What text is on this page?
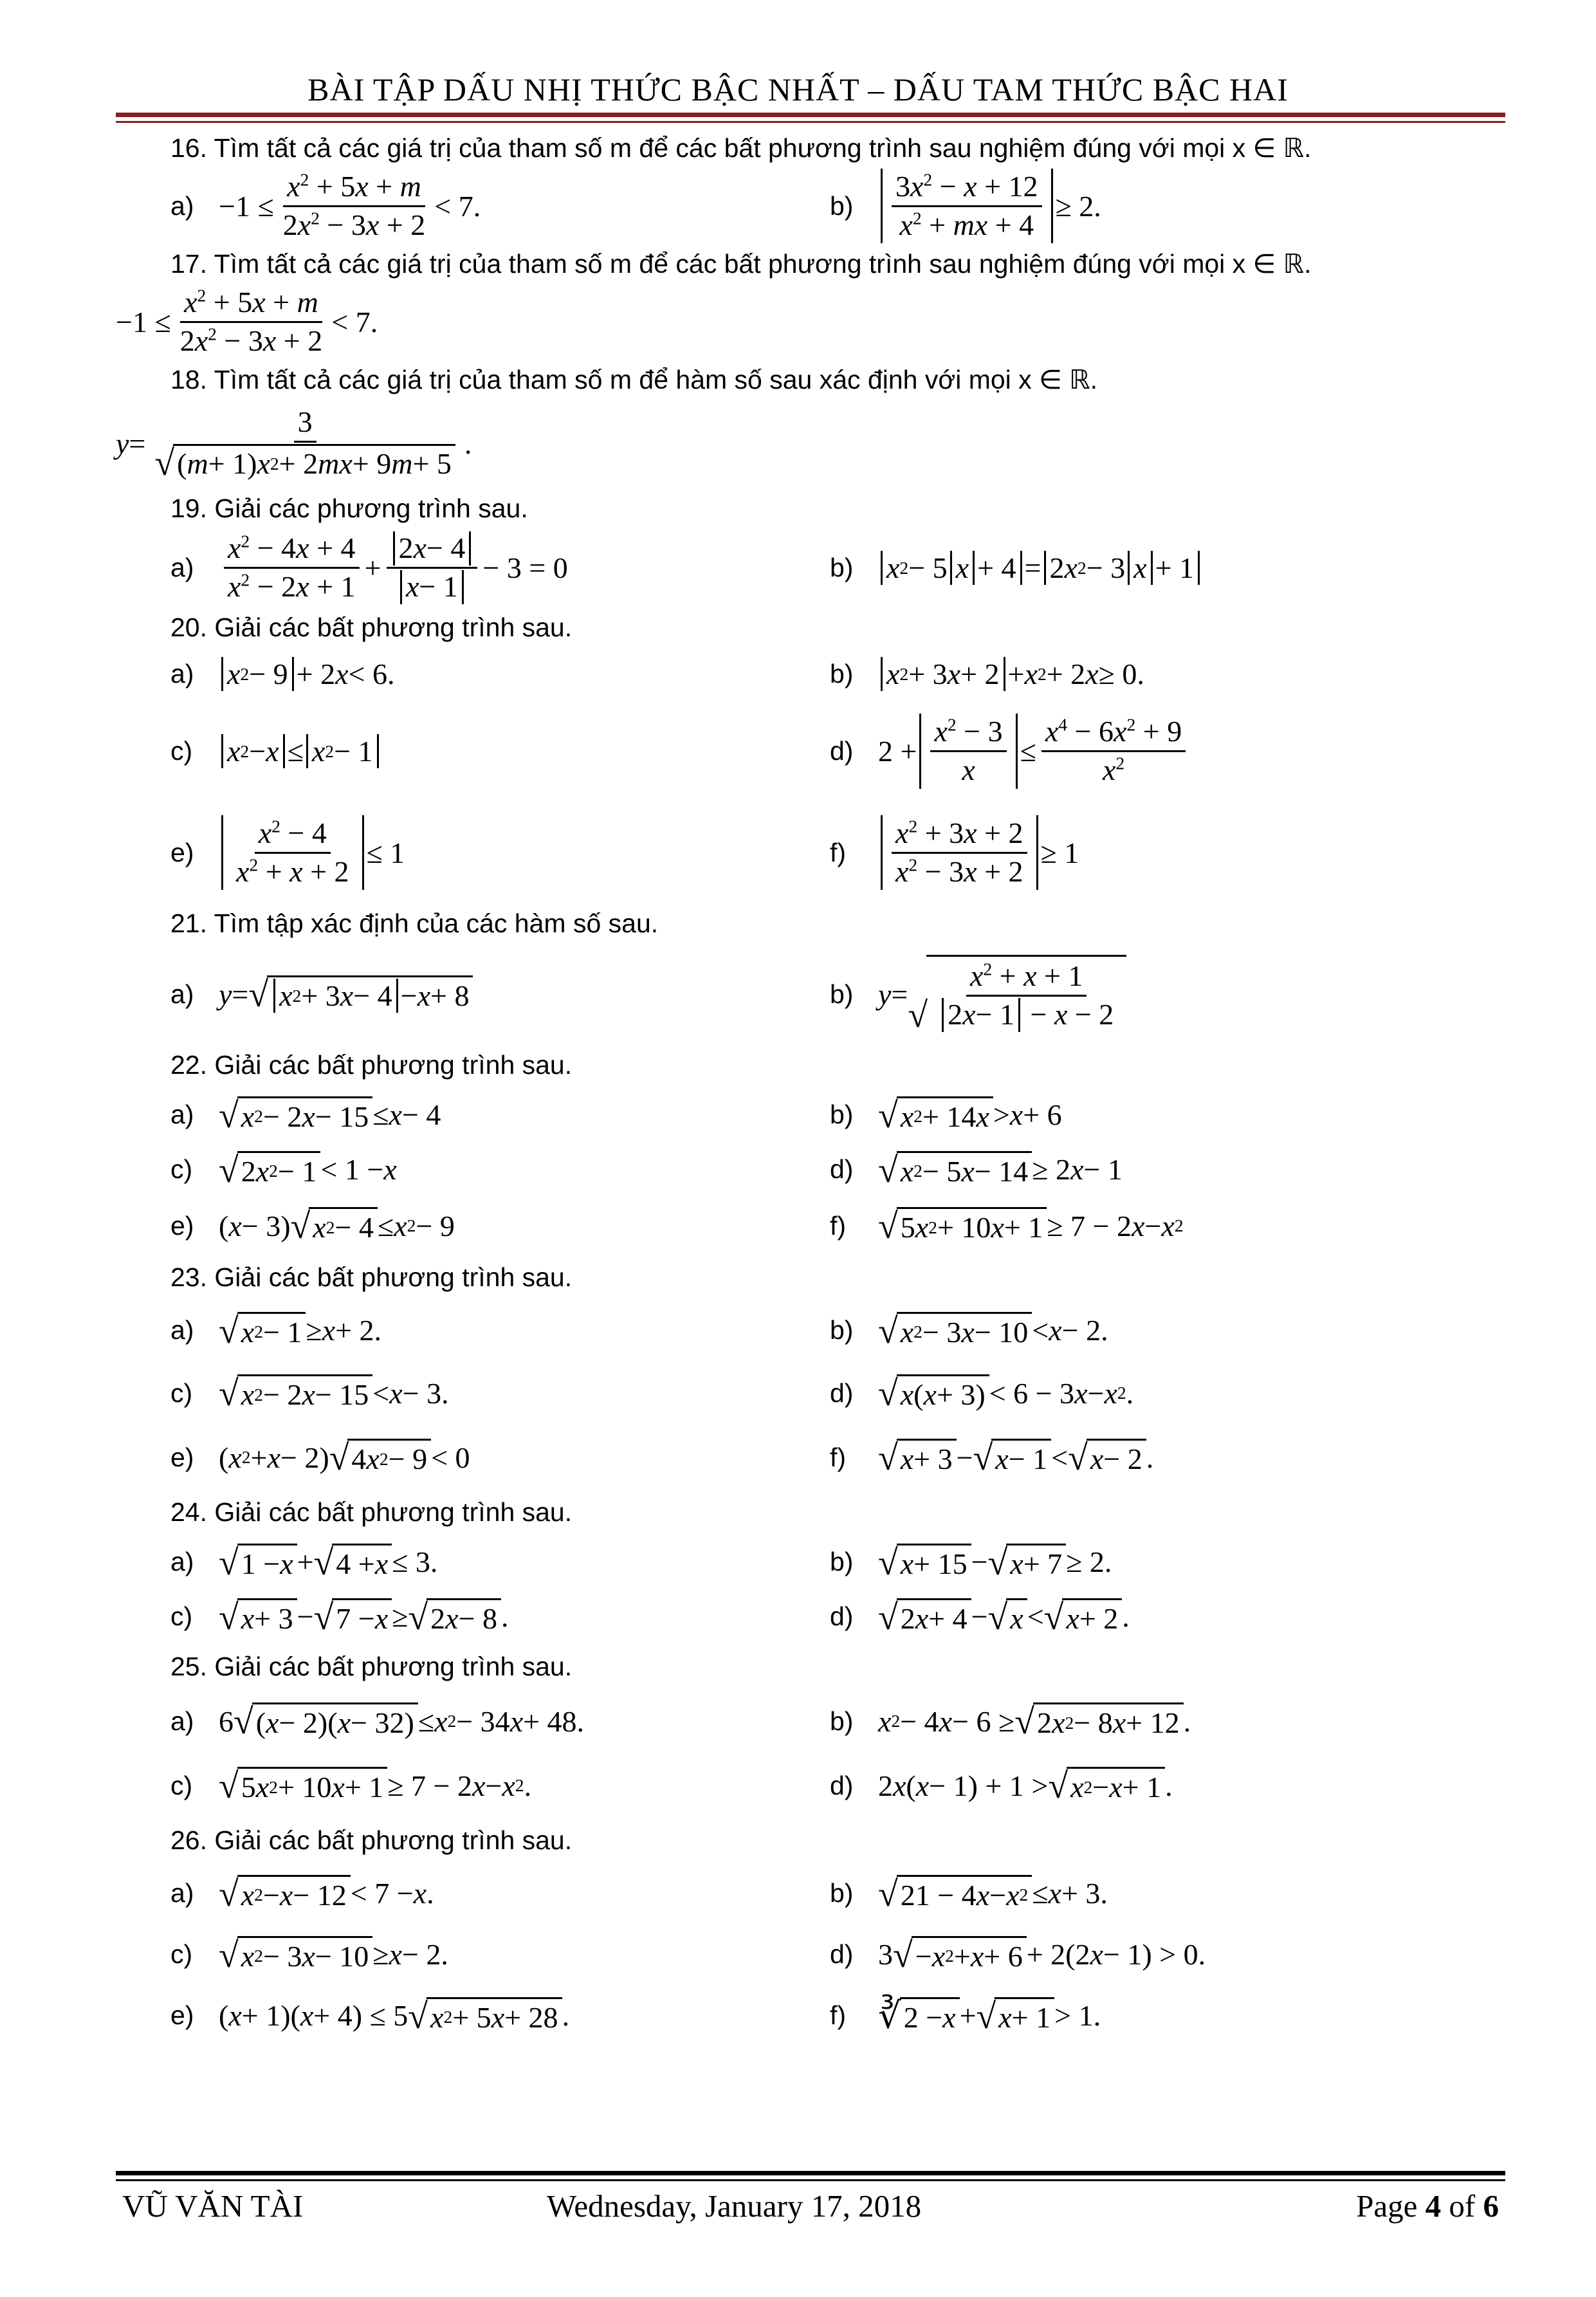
BÀI TẬP DẤU NHỊ THỨC BẬC NHẤT – DẤU TAM THỨC BẬC HAI
16. Tìm tất cả các giá trị của tham số m để các bất phương trình sau nghiệm đúng với mọi x ∈ ℝ.
$a) -1 \le \frac{x^2 + 5x + m}{2x^2 - 3x + 2} < 7$.	b)	$\frac{3x^2 - x + 12}{x^2 + mx + 4} \ge 2$.
17. Tìm tất cả các giá trị của tham số m để các bất phương trình sau nghiệm đúng với mọi x ∈ ℝ.
$-1 \le \frac{x^2 + 5x + m}{2x^2 - 3x + 2} < 7$.
18. Tìm tất cả các giá trị của tham số m để hàm số sau xác định với mọi x ∈ ℝ.
$y = \frac{3}{√ ( m + 1) x 2 + 2 mx + 9 m + 5}$ .
19. Giải các phương trình sau.
a)	$\frac{x^2 - 4x + 4}{x^2 - 2x + 1} + \frac{2 x - 4}{x - 1} - 3 = 0$	b)	x 2 − 5 x + 4 = 2 x 2 − 3 x + 1
20. Giải các bất phương trình sau.
a)	x 2 − 9 + 2 x < 6.	b)	x 2 + 3 x + 2 + x 2 + 2 x ≥ 0.
c)	x 2 − x ≤ x 2 − 1	d) $2 + \frac{x^2 - 3}{x} \le \frac{x^4 - 6x^2 + 9}{x^2}$
e)	$\frac{x^2 - 4}{x^2 + x + 2} \le 1$	f)	$\frac{x^2 + 3x + 2}{x^2 - 3x + 2} \ge 1$
21. Tìm tập xác định của các hàm số sau.
a) y = √ x 2 + 3 x − 4 − x + 8	b) y =
√ $\frac{x^2 + x + 1}{2 x - 1 - x - 2}$
22. Giải các bất phương trình sau.
a) √ x 2 − 2 x − 15 ≤ x − 4	b) √ x 2 + 14 x > x + 6
c) √ 2 x 2 − 1 < 1 − x	d) √ x 2 − 5 x − 14 ≥ 2 x − 1
e) ( x − 3) √ x 2 − 4 ≤ x 2 − 9	f) √ 5 x 2 + 10 x + 1 ≥ 7 − 2 x − x 2
23. Giải các bất phương trình sau.
a) √ x 2 − 1 ≥ x + 2.	b) √ x 2 − 3 x − 10 < x − 2.
c) √ x 2 − 2 x − 15 < x − 3.	d) √ x ( x + 3) < 6 − 3 x − x 2 .
e) ( x 2 + x − 2) √ 4 x 2 − 9 < 0	f) √ x + 3 − √ x − 1 < √ x − 2 .
24. Giải các bất phương trình sau.
a) √ 1 − x + √ 4 + x ≤ 3.	b) √ x + 15 − √ x + 7 ≥ 2.
c) √ x + 3 − √ 7 − x ≥ √ 2 x − 8 .	d) √ 2 x + 4 − √ x < √ x + 2 .
25. Giải các bất phương trình sau.
a) 6 √ ( x − 2)( x − 32) ≤ x 2 − 34 x + 48.	b) x 2 − 4 x − 6 ≥ √ 2 x 2 − 8 x + 12 .
c) √ 5 x 2 + 10 x + 1 ≥ 7 − 2 x − x 2 .	d) 2 x ( x − 1) + 1 > √ x 2 − x + 1 .
26. Giải các bất phương trình sau.
a) √ x 2 − x − 12 < 7 − x .	b) √ 21 − 4 x − x 2 ≤ x + 3.
c) √ x 2 − 3 x − 10 ≥ x − 2.	d) 3 √ − x 2 + x + 6 + 2(2 x − 1) > 0.
e) ( x + 1)( x + 4) ≤ 5 √ x 2 + 5 x + 28 .	f) ∛ 2 − x + √ x + 1 > 1.
VŨ VĂN TÀI	Wednesday, January 17, 2018	Page 4 of 6
